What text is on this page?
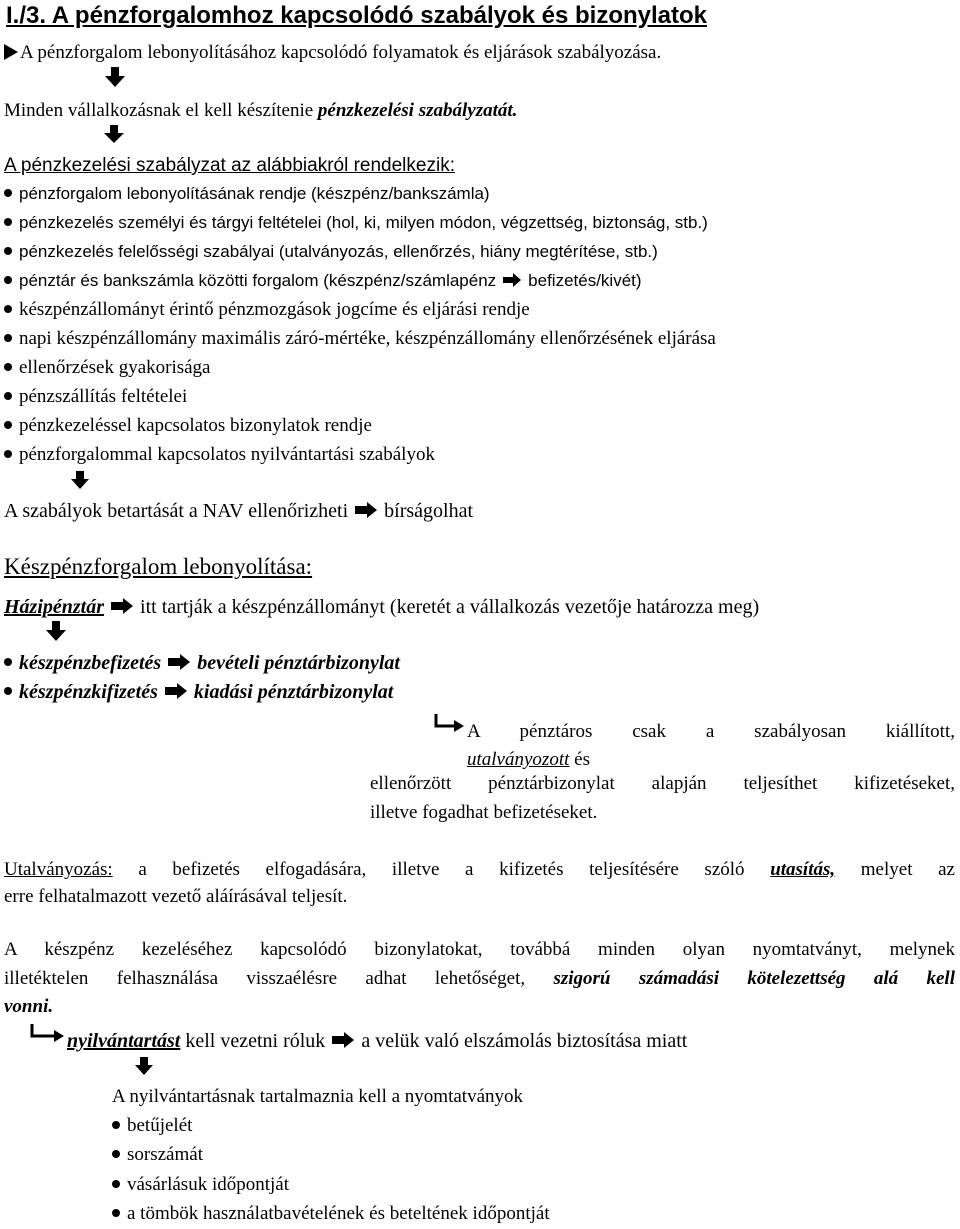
I./3. A pénzforgalomhoz kapcsolódó szabályok és bizonylatok
A pénzforgalom lebonyolításához kapcsolódó folyamatok és eljárások szabályozása.
Minden vállalkozásnak el kell készítenie pénzkezelési szabályzatát.
A pénzkezelési szabályzat az alábbiakról rendelkezik:
pénzforgalom lebonyolításának rendje (készpénz/bankszámla)
pénzkezelés személyi és tárgyi feltételei (hol, ki, milyen módon, végzettség, biztonság, stb.)
pénzkezelés felelősségi szabályai (utalványozás, ellenőrzés, hiány megtérítése, stb.)
pénztár és bankszámla közötti forgalom (készpénz/számlapénz befizetés/kivét)
készpénzállományt érintő pénzmozgások jogcíme és eljárási rendje
napi készpénzállomány maximális záró-mértéke, készpénzállomány ellenőrzésének eljárása
ellenőrzések gyakorisága
pénzszállítás feltételei
pénzkezeléssel kapcsolatos bizonylatok rendje
pénzforgalommal kapcsolatos nyilvántartási szabályok
A szabályok betartását a NAV ellenőrizheti bírságolhat
Készpénzforgalom lebonyolítása:
Házipénztár itt tartják a készpénzállományt (keretét a vállalkozás vezetője határozza meg)
készpénzbefizetés bevételi pénztárbizonylat
készpénzkifizetés kiadási pénztárbizonylat
A pénztáros csak a szabályosan kiállított,
utalványozott és
ellenőrzött pénztárbizonylat alapján teljesíthet kifizetéseket,
illetve fogadhat befizetéseket.
Utalványozás: a befizetés elfogadására, illetve a kifizetés teljesítésére szóló utasítás, melyet az
erre felhatalmazott vezető aláírásával teljesít.
A készpénz kezeléséhez kapcsolódó bizonylatokat, továbbá minden olyan nyomtatványt, melynek
illetéktelen felhasználása visszaélésre adhat lehetőséget, szigorú számadási kötelezettség alá kell
vonni.
nyilvántartást kell vezetni róluk a velük való elszámolás biztosítása miatt
A nyilvántartásnak tartalmaznia kell a nyomtatványok
betűjelét
sorszámát
vásárlásuk időpontját
a tömbök használatbavételének és beteltének időpontját
